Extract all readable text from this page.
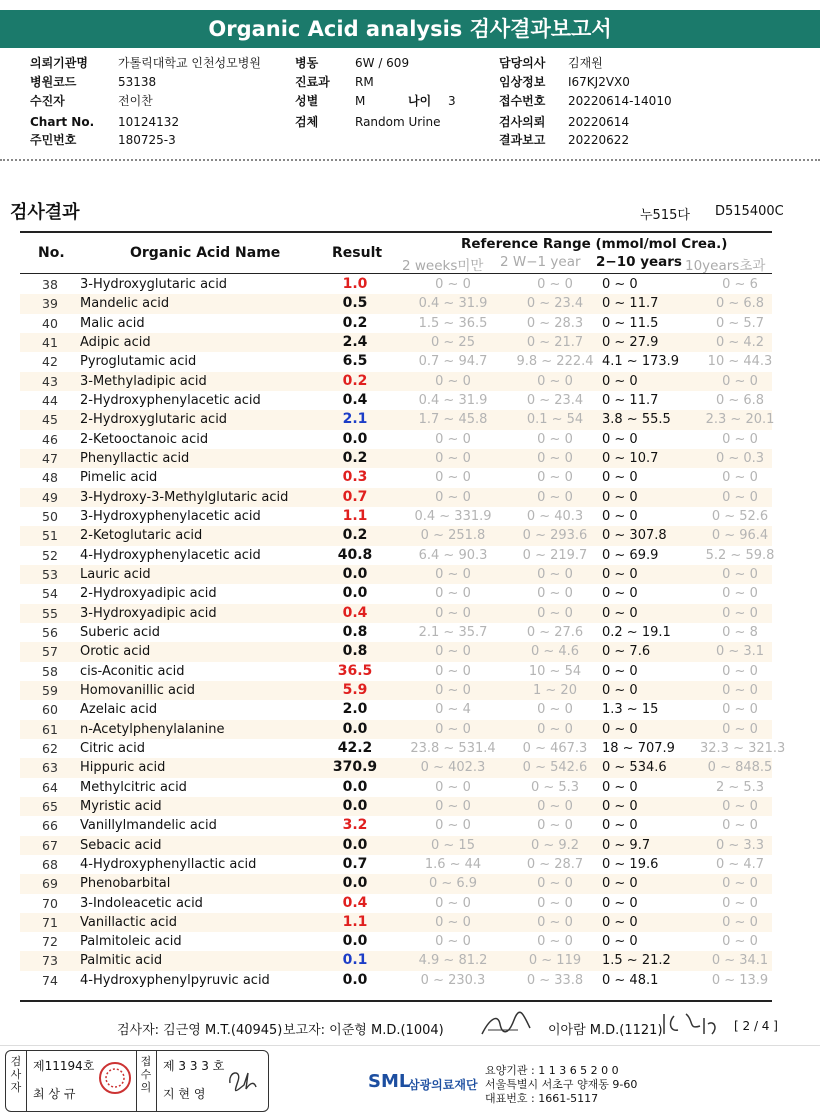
Organic Acid analysis 검사결과보고서
의뢰기관명	가톨릭대학교 인천성모병원	병동	6W / 609	담당의사 김재원
병원코드	53138	진료과 RM	임상정보 I67KJ2VX0
수진자	전이찬	성별	M	나이 3	접수번호 20220614-14010
Chart No. 10124132	검체	Random Urine	검사의뢰 20220614
주민번호	180725-3	결과보고 20220622
검사결과	누515다 D515400C
No.	Organic Acid Name	Result
Reference Range (mmol/mol Crea.)
2 weeks미만 2 W−1 year 2−10 years 10years초과
38	3-Hydroxyglutaric acid	1.0	0 ~ 0	0 ~ 0	0 ~ 0	0 ~ 6
39	Mandelic acid	0.5	0.4 ~ 31.9	0 ~ 23.4	0 ~ 11.7	0 ~ 6.8
40	Malic acid	0.2	1.5 ~ 36.5	0 ~ 28.3	0 ~ 11.5	0 ~ 5.7
41	Adipic acid	2.4	0 ~ 25	0 ~ 21.7	0 ~ 27.9	0 ~ 4.2
42	Pyroglutamic acid	6.5	0.7 ~ 94.7	9.8 ~ 222.4 4.1 ~ 173.9	10 ~ 44.3
43	3-Methyladipic acid	0.2	0 ~ 0	0 ~ 0	0 ~ 0	0 ~ 0
44	2-Hydroxyphenylacetic acid	0.4	0.4 ~ 31.9	0 ~ 23.4	0 ~ 11.7	0 ~ 6.8
45	2-Hydroxyglutaric acid	2.1	1.7 ~ 45.8	0.1 ~ 54	3.8 ~ 55.5	2.3 ~ 20.1
46	2-Ketooctanoic acid	0.0	0 ~ 0	0 ~ 0	0 ~ 0	0 ~ 0
47	Phenyllactic acid	0.2	0 ~ 0	0 ~ 0	0 ~ 10.7	0 ~ 0.3
48	Pimelic acid	0.3	0 ~ 0	0 ~ 0	0 ~ 0	0 ~ 0
49	3-Hydroxy-3-Methylglutaric acid	0.7	0 ~ 0	0 ~ 0	0 ~ 0	0 ~ 0
50	3-Hydroxyphenylacetic acid	1.1	0.4 ~ 331.9	0 ~ 40.3	0 ~ 0	0 ~ 52.6
51	2-Ketoglutaric acid	0.2	0 ~ 251.8	0 ~ 293.6	0 ~ 307.8	0 ~ 96.4
52	4-Hydroxyphenylacetic acid	40.8	6.4 ~ 90.3	0 ~ 219.7	0 ~ 69.9	5.2 ~ 59.8
53	Lauric acid	0.0	0 ~ 0	0 ~ 0	0 ~ 0	0 ~ 0
54	2-Hydroxyadipic acid	0.0	0 ~ 0	0 ~ 0	0 ~ 0	0 ~ 0
55	3-Hydroxyadipic acid	0.4	0 ~ 0	0 ~ 0	0 ~ 0	0 ~ 0
56	Suberic acid	0.8	2.1 ~ 35.7	0 ~ 27.6	0.2 ~ 19.1	0 ~ 8
57	Orotic acid	0.8	0 ~ 0	0 ~ 4.6	0 ~ 7.6	0 ~ 3.1
58	cis-Aconitic acid	36.5	0 ~ 0	10 ~ 54	0 ~ 0	0 ~ 0
59	Homovanillic acid	5.9	0 ~ 0	1 ~ 20	0 ~ 0	0 ~ 0
60	Azelaic acid	2.0	0 ~ 4	0 ~ 0	1.3 ~ 15	0 ~ 0
61	n-Acetylphenylalanine	0.0	0 ~ 0	0 ~ 0	0 ~ 0	0 ~ 0
62	Citric acid	42.2	23.8 ~ 531.4	0 ~ 467.3	18 ~ 707.9	32.3 ~ 321.3
63	Hippuric acid	370.9	0 ~ 402.3	0 ~ 542.6	0 ~ 534.6	0 ~ 848.5
64	Methylcitric acid	0.0	0 ~ 0	0 ~ 5.3	0 ~ 0	2 ~ 5.3
65	Myristic acid	0.0	0 ~ 0	0 ~ 0	0 ~ 0	0 ~ 0
66	Vanillylmandelic acid	3.2	0 ~ 0	0 ~ 0	0 ~ 0	0 ~ 0
67	Sebacic acid	0.0	0 ~ 15	0 ~ 9.2	0 ~ 9.7	0 ~ 3.3
68	4-Hydroxyphenyllactic acid	0.7	1.6 ~ 44	0 ~ 28.7	0 ~ 19.6	0 ~ 4.7
69	Phenobarbital	0.0	0 ~ 6.9	0 ~ 0	0 ~ 0	0 ~ 0
70	3-Indoleacetic acid	0.4	0 ~ 0	0 ~ 0	0 ~ 0	0 ~ 0
71	Vanillactic acid	1.1	0 ~ 0	0 ~ 0	0 ~ 0	0 ~ 0
72	Palmitoleic acid	0.0	0 ~ 0	0 ~ 0	0 ~ 0	0 ~ 0
73	Palmitic acid	0.1	4.9 ~ 81.2	0 ~ 119	1.5 ~ 21.2	0 ~ 34.1
74	4-Hydroxyphenylpyruvic acid	0.0	0 ~ 230.3	0 ~ 33.8	0 ~ 48.1	0 ~ 13.9
검사자: 김근영 M.T.(40945) 보고자: 이준형 M.D.(1004)	이아람 M.D.(1121)	[ 2 / 4 ]
검사자
제11194호
최 상 규
접수의
제 3 3 3 호
지 현 영
SML
삼광의료재단
요양기관 : 1 1 3 6 5 2 0 0
서울특별시 서초구 양재동 9-60
대표번호 : 1661-5117
